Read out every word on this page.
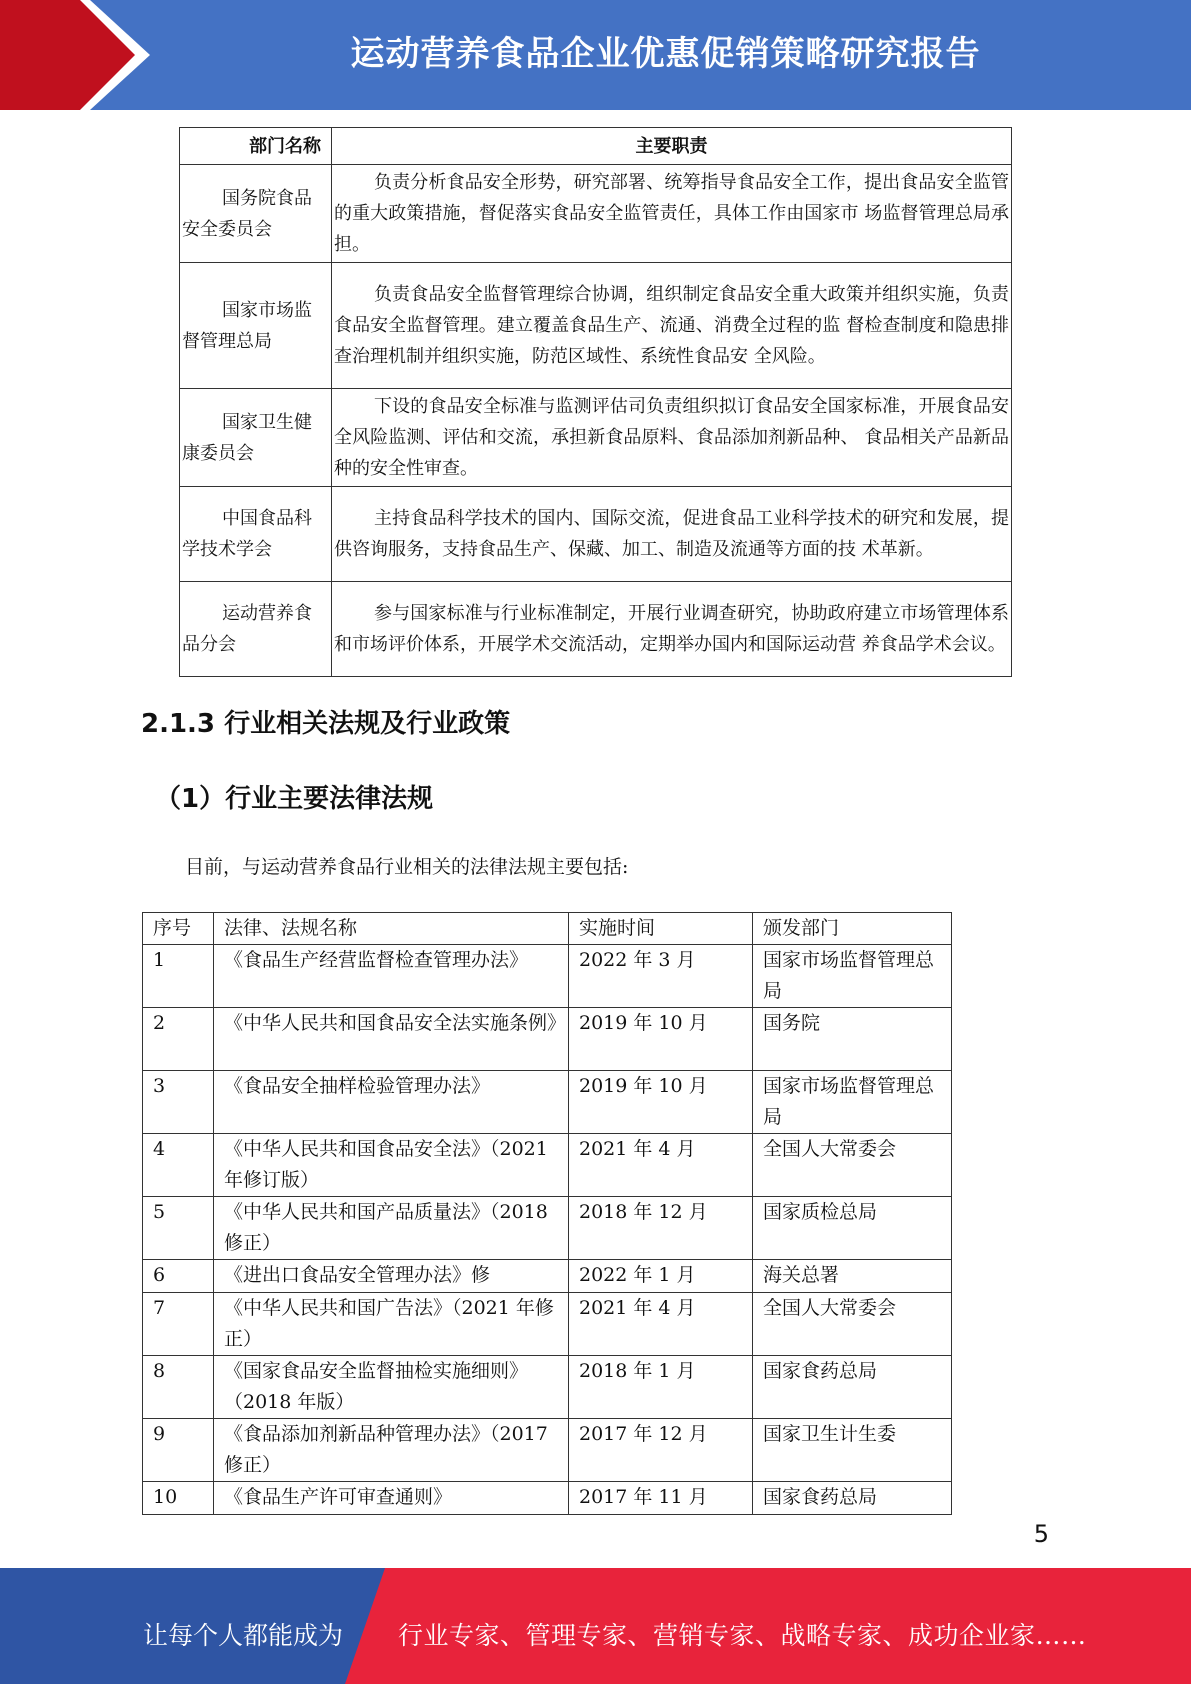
运动营养食品企业优惠促销策略研究报告
部门名称	主要职责
国务院食品 安全委员会	负责分析食品安全形势，研究部署、统筹指导食品安全工作，提出食品安全监管的重大政策措施，督促落实食品安全监管责任，具体工作由国家市 场监督管理总局承担。
国家市场监 督管理总局	负责食品安全监督管理综合协调，组织制定食品安全重大政策并组织实施，负责食品安全监督管理。建立覆盖食品生产、流通、消费全过程的监 督检查制度和隐患排查治理机制并组织实施，防范区域性、系统性食品安 全风险。
国家卫生健 康委员会	下设的食品安全标准与监测评估司负责组织拟订食品安全国家标准，开展食品安全风险监测、评估和交流，承担新食品原料、食品添加剂新品种、 食品相关产品新品种的安全性审查。
中国食品科 学技术学会	主持食品科学技术的国内、国际交流，促进食品工业科学技术的研究和发展，提供咨询服务，支持食品生产、保藏、加工、制造及流通等方面的技 术革新。
运动营养食 品分会	参与国家标准与行业标准制定，开展行业调查研究，协助政府建立市场管理体系和市场评价体系，开展学术交流活动，定期举办国内和国际运动营 养食品学术会议。
2.1.3 行业相关法规及行业政策
（1）行业主要法律法规
目前，与运动营养食品行业相关的法律法规主要包括:
序号	法律、法规名称	实施时间	颁发部门
1	《食品生产经营监督检查管理办法》	2022 年 3 月	国家市场监督管理总局
2	《中华人民共和国食品安全法实施条例》	2019 年 10 月	国务院
3	《食品安全抽样检验管理办法》	2019 年 10 月	国家市场监督管理总局
4	《中华人民共和国食品安全法》（2021 年修订版）	2021 年 4 月	全国人大常委会
5	《中华人民共和国产品质量法》（2018 修正）	2018 年 12 月	国家质检总局
6	《进出口食品安全管理办法》修	2022 年 1 月	海关总署
7	《中华人民共和国广告法》（2021 年修正）	2021 年 4 月	全国人大常委会
8	《国家食品安全监督抽检实施细则》 （2018 年版）	2018 年 1 月	国家食药总局
9	《食品添加剂新品种管理办法》（2017 修正）	2017 年 12 月	国家卫生计生委
10	《食品生产许可审查通则》	2017 年 11 月	国家食药总局
5
让每个人都能成为 行业专家、管理专家、营销专家、战略专家、成功企业家……
